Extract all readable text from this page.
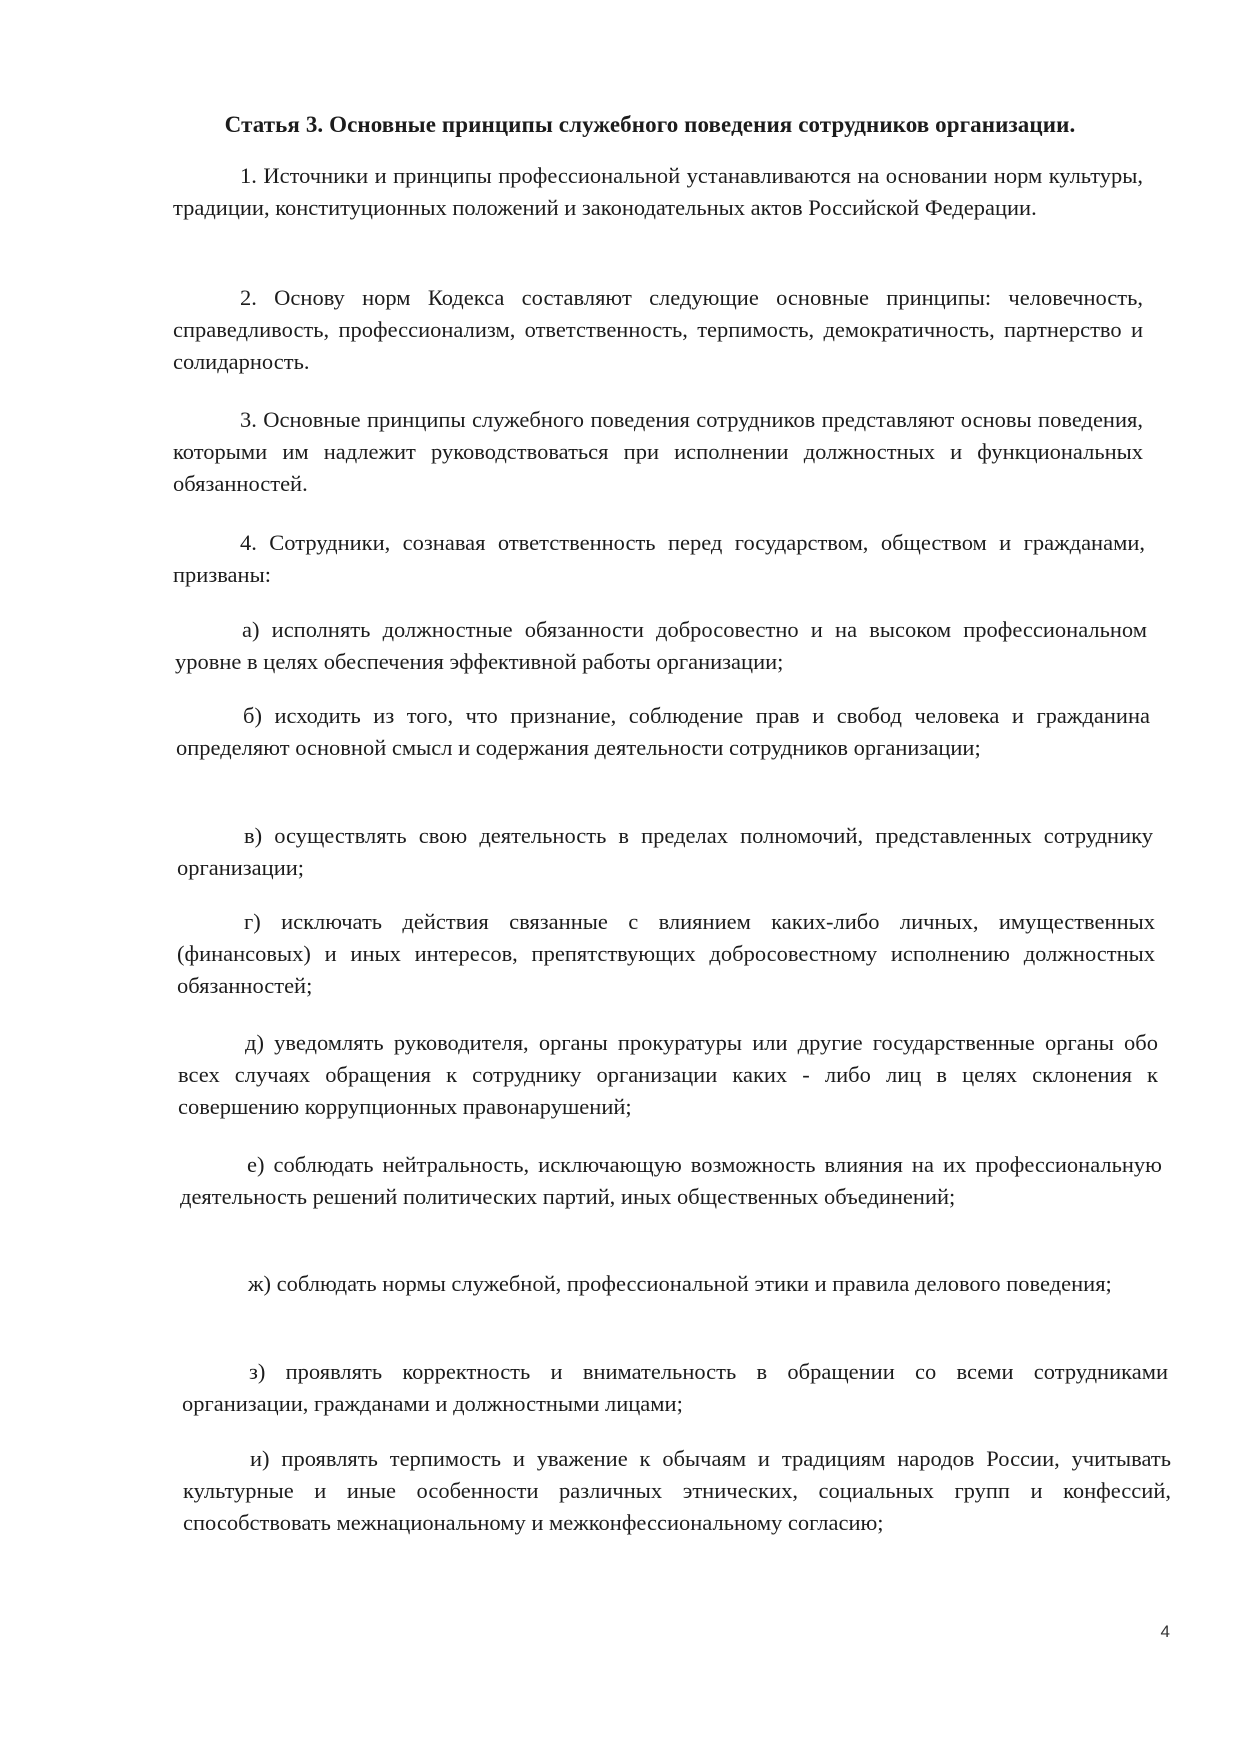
Статья 3. Основные принципы служебного поведения сотрудников организации.

1. Источники и принципы профессиональной устанавливаются на основании норм культуры, традиции, конституционных положений и законодательных актов Российской Федерации.

2. Основу норм Кодекса составляют следующие основные принципы: человечность, справедливость, профессионализм, ответственность, терпимость, демократичность, партнерство и солидарность.

3. Основные принципы служебного поведения сотрудников представляют основы поведения, которыми им надлежит руководствоваться при исполнении должностных и функциональных обязанностей.

4. Сотрудники, сознавая ответственность перед государством, обществом и гражданами, призваны:

а) исполнять должностные обязанности добросовестно и на высоком профессиональном уровне в целях обеспечения эффективной работы организации;

б) исходить из того, что признание, соблюдение прав и свобод человека и гражданина определяют основной смысл и содержания деятельности сотрудников организации;

в) осуществлять свою деятельность в пределах полномочий, представленных сотруднику организации;

г) исключать действия связанные с влиянием каких-либо личных, имущественных (финансовых) и иных интересов, препятствующих добросовестному исполнению должностных обязанностей;

д) уведомлять руководителя, органы прокуратуры или другие государственные органы обо всех случаях обращения к сотруднику организации каких - либо лиц в целях склонения к совершению коррупционных правонарушений;

е) соблюдать нейтральность, исключающую возможность влияния на их профессиональную деятельность решений политических партий, иных общественных объединений;

ж) соблюдать нормы служебной, профессиональной этики и правила делового поведения;

з) проявлять корректность и внимательность в обращении со всеми сотрудниками организации, гражданами и должностными лицами;

и) проявлять терпимость и уважение к обычаям и традициям народов России, учитывать культурные и иные особенности различных этнических, социальных групп и конфессий, способствовать межнациональному и межконфессиональному согласию;

4
